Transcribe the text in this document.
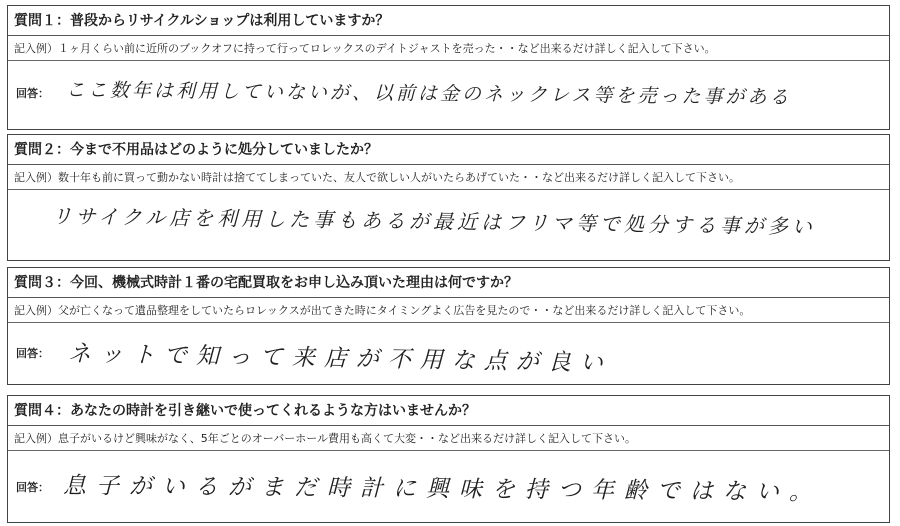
質問１：普段からリサイクルショップは利用していますか？
記入例）１ヶ月くらい前に近所のブックオフに持って行ってロレックスのデイトジャストを売った・・など出来るだけ詳しく記入して下さい。
回答： ここ数年は利用していないが、以前は金のネックレス等を売った事がある
質問２：今まで不用品はどのように処分していましたか？
記入例）数十年も前に買って動かない時計は捨ててしまっていた、友人で欲しい人がいたらあげていた・・など出来るだけ詳しく記入して下さい。
リサイクル店を利用した事もあるが最近はフリマ等で処分する事が多い
質問３：今回、機械式時計１番の宅配買取をお申し込み頂いた理由は何ですか？
記入例）父が亡くなって遺品整理をしていたらロレックスが出てきた時にタイミングよく広告を見たので・・など出来るだけ詳しく記入して下さい。
回答： ネットで知って来店が不用な点が良い
質問４：あなたの時計を引き継いで使ってくれるような方はいませんか？
記入例）息子がいるけど興味がなく、5年ごとのオーバーホール費用も高くて大変・・など出来るだけ詳しく記入して下さい。
回答： 息子がいるがまだ時計に興味を持つ年齢ではない。
